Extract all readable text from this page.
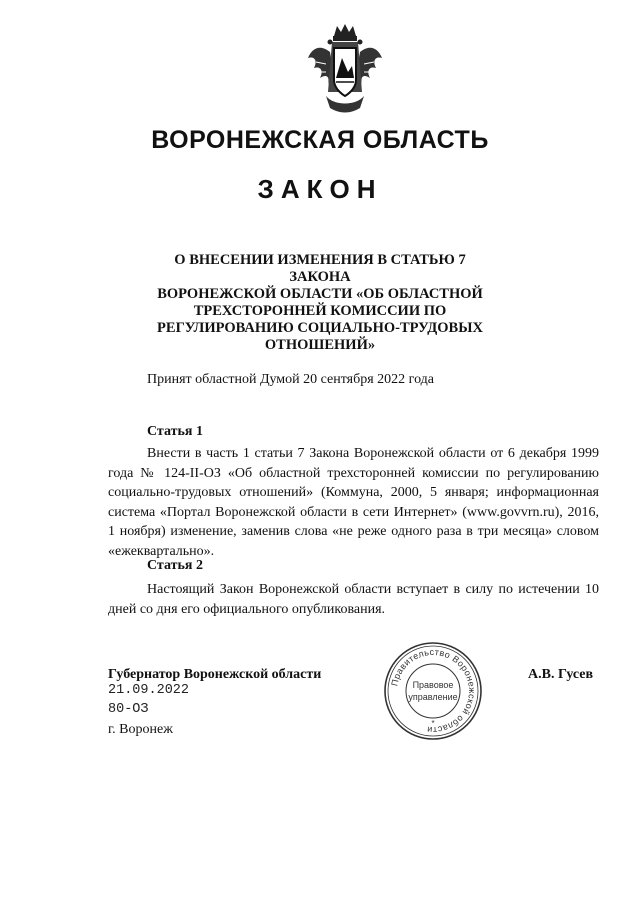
ВОРОНЕЖСКАЯ ОБЛАСТЬ
ЗАКОН
О ВНЕСЕНИИ ИЗМЕНЕНИЯ В СТАТЬЮ 7 ЗАКОНА
ВОРОНЕЖСКОЙ ОБЛАСТИ «ОБ ОБЛАСТНОЙ
ТРЕХСТОРОННЕЙ КОМИССИИ ПО
РЕГУЛИРОВАНИЮ СОЦИАЛЬНО-ТРУДОВЫХ
ОТНОШЕНИЙ»
Принят областной Думой 20 сентября 2022 года
Статья 1
Внести в часть 1 статьи 7 Закона Воронежской области от 6 декабря 1999 года № 124-II-ОЗ «Об областной трехсторонней комиссии по регулированию социально-трудовых отношений» (Коммуна, 2000, 5 января; информационная система «Портал Воронежской области в сети Интернет» (www.govvrn.ru), 2016, 1 ноября) изменение, заменив слова «не реже одного раза в три месяца» словом «ежеквартально».
Статья 2
Настоящий Закон Воронежской области вступает в силу по истечении 10 дней со дня его официального опубликования.
Губернатор Воронежской области	А.В. Гусев
21.09.2022
80-ОЗ
г. Воронеж
Правительство Воронежской области
Правовое
управление
*
